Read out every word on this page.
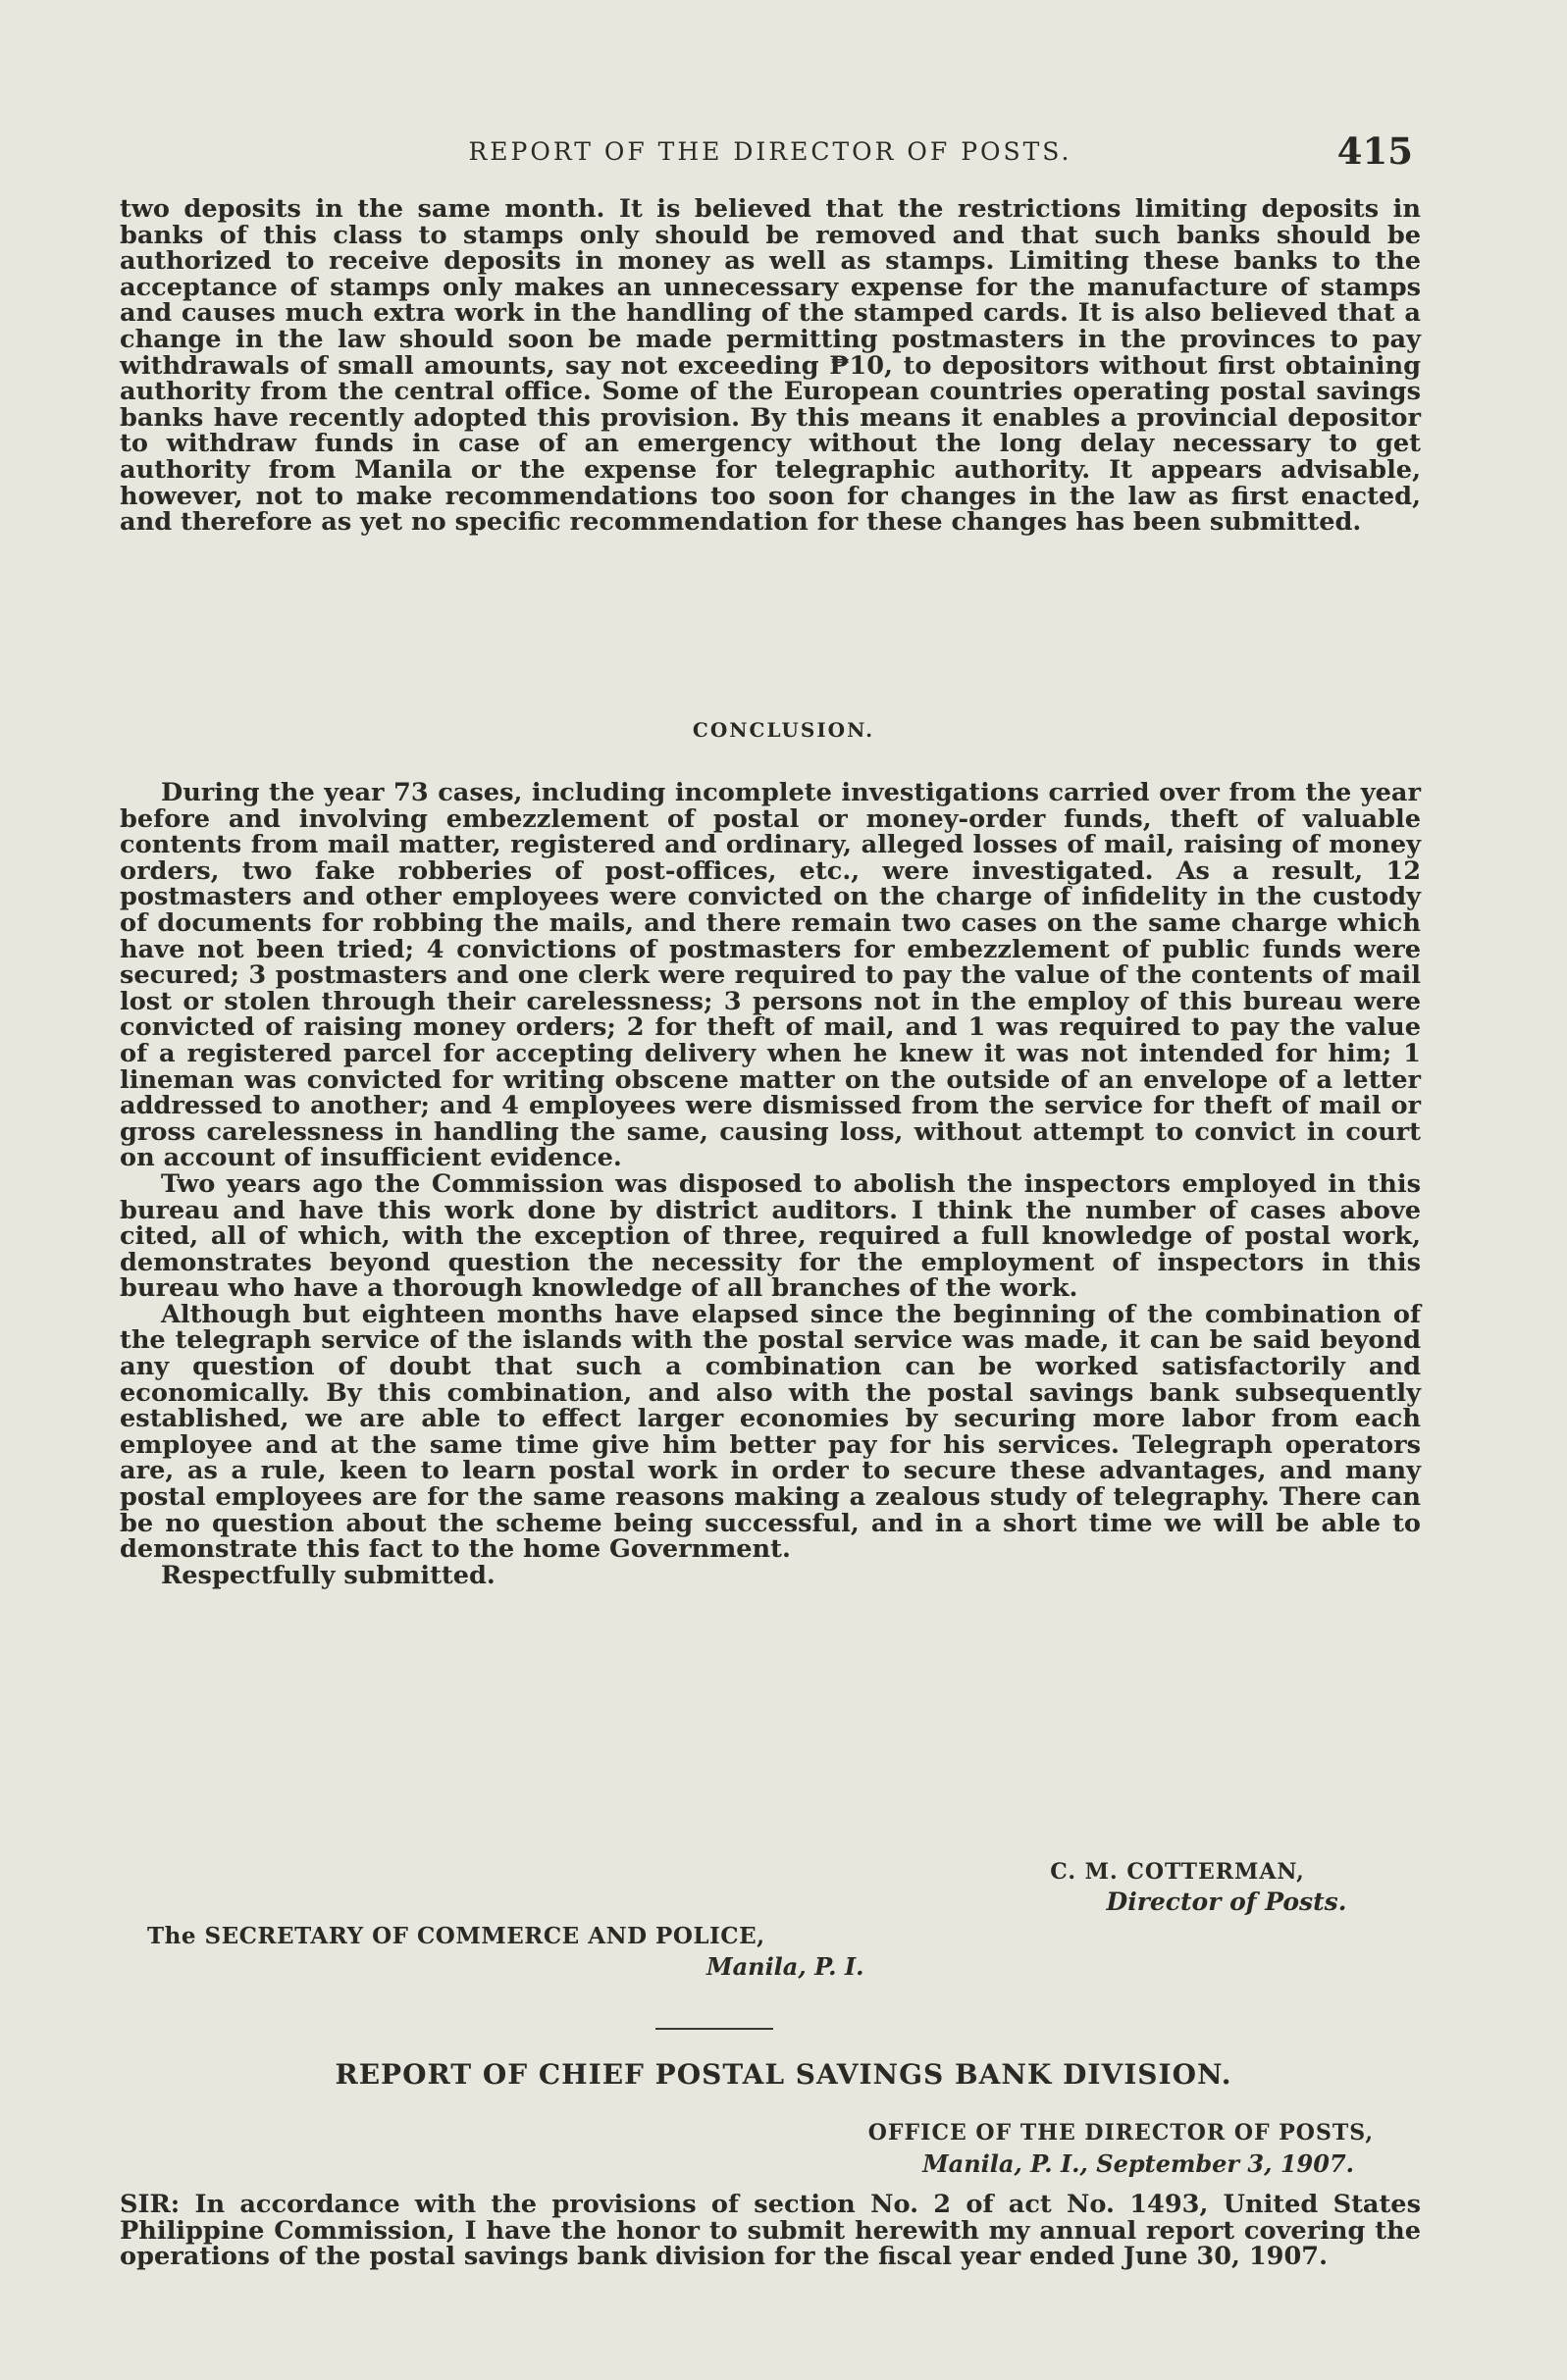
REPORT OF THE DIRECTOR OF POSTS.	415

two deposits in the same month. It is believed that the restrictions limiting deposits in banks of this class to stamps only should be removed and that such banks should be authorized to receive deposits in money as well as stamps. Limiting these banks to the acceptance of stamps only makes an unnecessary expense for the manufacture of stamps and causes much extra work in the handling of the stamped cards. It is also believed that a change in the law should soon be made permitting postmasters in the provinces to pay withdrawals of small amounts, say not exceeding ₱10, to depositors without first obtaining authority from the central office. Some of the European countries operating postal savings banks have recently adopted this provision. By this means it enables a provincial depositor to withdraw funds in case of an emergency without the long delay necessary to get authority from Manila or the expense for telegraphic authority. It appears advisable, however, not to make recommendations too soon for changes in the law as first enacted, and therefore as yet no specific recommendation for these changes has been submitted.

CONCLUSION.

During the year 73 cases, including incomplete investigations carried over from the year before and involving embezzlement of postal or money-order funds, theft of valuable contents from mail matter, registered and ordinary, alleged losses of mail, raising of money orders, two fake robberies of post-offices, etc., were investigated. As a result, 12 postmasters and other employees were convicted on the charge of infidelity in the custody of documents for robbing the mails, and there remain two cases on the same charge which have not been tried; 4 convictions of postmasters for embezzlement of public funds were secured; 3 postmasters and one clerk were required to pay the value of the contents of mail lost or stolen through their carelessness; 3 persons not in the employ of this bureau were convicted of raising money orders; 2 for theft of mail, and 1 was required to pay the value of a registered parcel for accepting delivery when he knew it was not intended for him; 1 lineman was convicted for writing obscene matter on the outside of an envelope of a letter addressed to another; and 4 employees were dismissed from the service for theft of mail or gross carelessness in handling the same, causing loss, without attempt to convict in court on account of insufficient evidence.

Two years ago the Commission was disposed to abolish the inspectors employed in this bureau and have this work done by district auditors. I think the number of cases above cited, all of which, with the exception of three, required a full knowledge of postal work, demonstrates beyond question the necessity for the employment of inspectors in this bureau who have a thorough knowledge of all branches of the work.

Although but eighteen months have elapsed since the beginning of the combination of the telegraph service of the islands with the postal service was made, it can be said beyond any question of doubt that such a combination can be worked satisfactorily and economically. By this combination, and also with the postal savings bank subsequently established, we are able to effect larger economies by securing more labor from each employee and at the same time give him better pay for his services. Telegraph operators are, as a rule, keen to learn postal work in order to secure these advantages, and many postal employees are for the same reasons making a zealous study of telegraphy. There can be no question about the scheme being successful, and in a short time we will be able to demonstrate this fact to the home Government.

Respectfully submitted.

C. M. COTTERMAN,
Director of Posts.
The SECRETARY OF COMMERCE AND POLICE,
Manila, P. I.
REPORT OF CHIEF POSTAL SAVINGS BANK DIVISION.
OFFICE OF THE DIRECTOR OF POSTS,
Manila, P. I., September 3, 1907.

SIR: In accordance with the provisions of section No. 2 of act No. 1493, United States Philippine Commission, I have the honor to submit herewith my annual report covering the operations of the postal savings bank division for the fiscal year ended June 30, 1907.
